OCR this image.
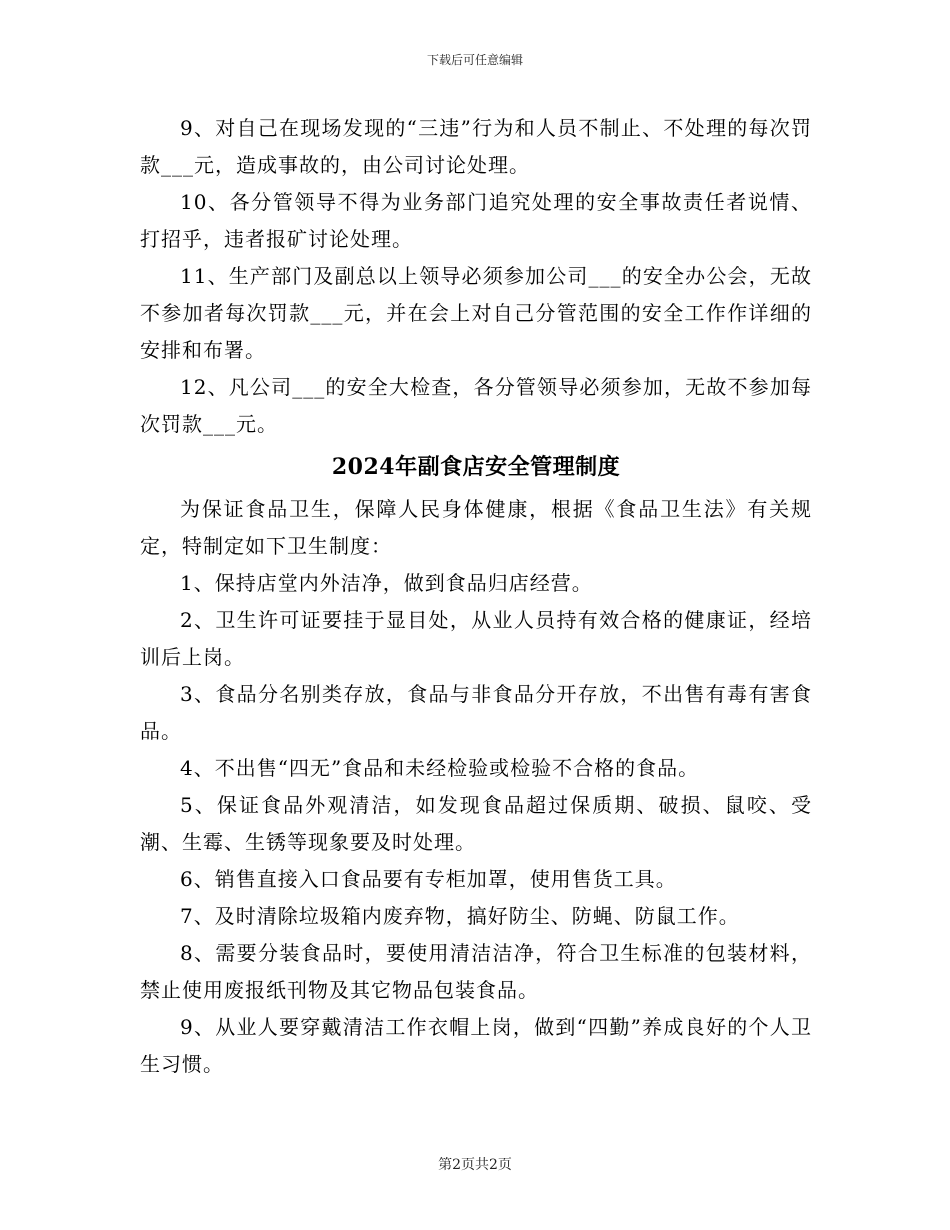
下载后可任意编辑

9、对自己在现场发现的“三违”行为和人员不制止、不处理的每次罚款___元，造成事故的，由公司讨论处理。

10、各分管领导不得为业务部门追究处理的安全事故责任者说情、打招乎，违者报矿讨论处理。

11、生产部门及副总以上领导必须参加公司___的安全办公会，无故不参加者每次罚款___元，并在会上对自己分管范围的安全工作作详细的安排和布署。

12、凡公司___的安全大检查，各分管领导必须参加，无故不参加每次罚款___元。

2024年副食店安全管理制度

为保证食品卫生，保障人民身体健康，根据《食品卫生法》有关规定，特制定如下卫生制度：

1、保持店堂内外洁净，做到食品归店经营。

2、卫生许可证要挂于显目处，从业人员持有效合格的健康证，经培训后上岗。

3、食品分名别类存放，食品与非食品分开存放，不出售有毒有害食品。

4、不出售“四无”食品和未经检验或检验不合格的食品。

5、保证食品外观清洁，如发现食品超过保质期、破损、鼠咬、受潮、生霉、生锈等现象要及时处理。

6、销售直接入口食品要有专柜加罩，使用售货工具。

7、及时清除垃圾箱内废弃物，搞好防尘、防蝇、防鼠工作。

8、需要分装食品时，要使用清洁洁净，符合卫生标准的包装材料，禁止使用废报纸刊物及其它物品包装食品。

9、从业人要穿戴清洁工作衣帽上岗，做到“四勤”养成良好的个人卫生习惯。

第2页共2页
